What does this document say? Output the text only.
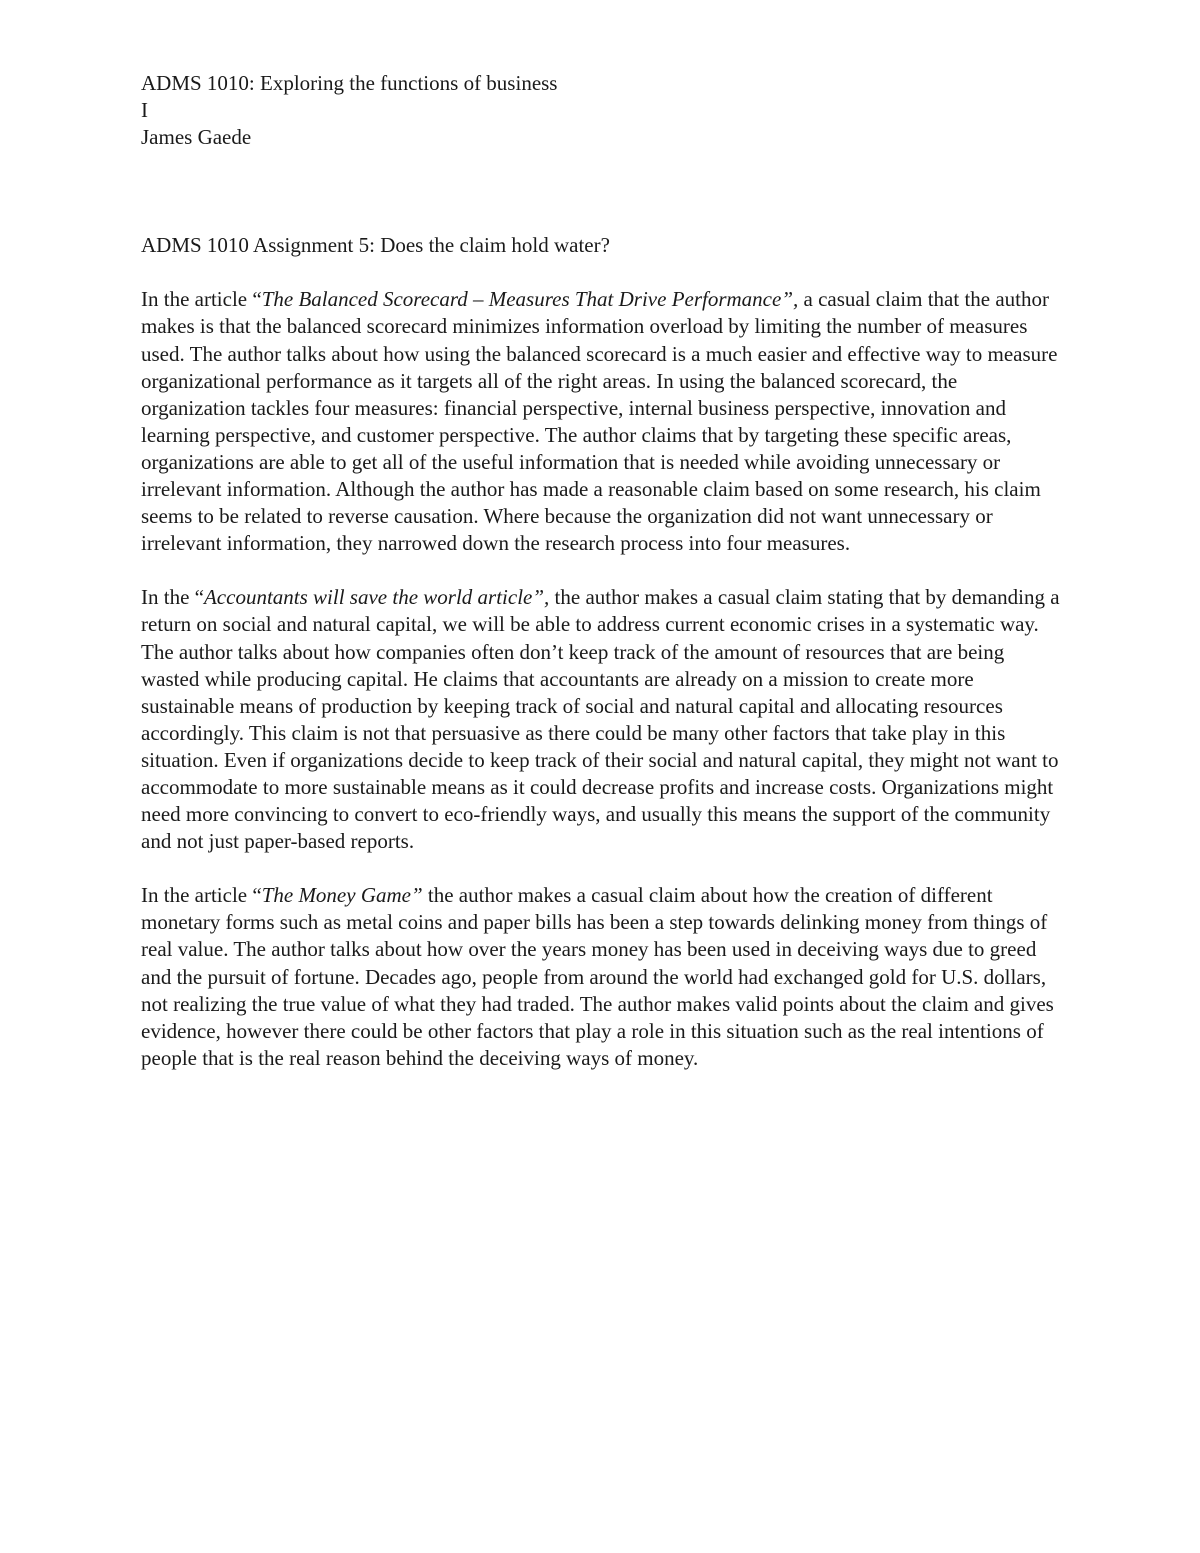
ADMS 1010: Exploring the functions of business
I
James Gaede
ADMS 1010 Assignment 5: Does the claim hold water?

In the article “The Balanced Scorecard – Measures That Drive Performance”, a casual claim that the author makes is that the balanced scorecard minimizes information overload by limiting the number of measures used. The author talks about how using the balanced scorecard is a much easier and effective way to measure organizational performance as it targets all of the right areas. In using the balanced scorecard, the organization tackles four measures: financial perspective, internal business perspective, innovation and learning perspective, and customer perspective. The author claims that by targeting these specific areas, organizations are able to get all of the useful information that is needed while avoiding unnecessary or irrelevant information. Although the author has made a reasonable claim based on some research, his claim seems to be related to reverse causation. Where because the organization did not want unnecessary or irrelevant information, they narrowed down the research process into four measures.

In the “Accountants will save the world article”, the author makes a casual claim stating that by demanding a return on social and natural capital, we will be able to address current economic crises in a systematic way. The author talks about how companies often don’t keep track of the amount of resources that are being wasted while producing capital. He claims that accountants are already on a mission to create more sustainable means of production by keeping track of social and natural capital and allocating resources accordingly. This claim is not that persuasive as there could be many other factors that take play in this situation. Even if organizations decide to keep track of their social and natural capital, they might not want to accommodate to more sustainable means as it could decrease profits and increase costs. Organizations might need more convincing to convert to eco-friendly ways, and usually this means the support of the community and not just paper-based reports.

In the article “The Money Game” the author makes a casual claim about how the creation of different monetary forms such as metal coins and paper bills has been a step towards delinking money from things of real value. The author talks about how over the years money has been used in deceiving ways due to greed and the pursuit of fortune. Decades ago, people from around the world had exchanged gold for U.S. dollars, not realizing the true value of what they had traded. The author makes valid points about the claim and gives evidence, however there could be other factors that play a role in this situation such as the real intentions of people that is the real reason behind the deceiving ways of money.
